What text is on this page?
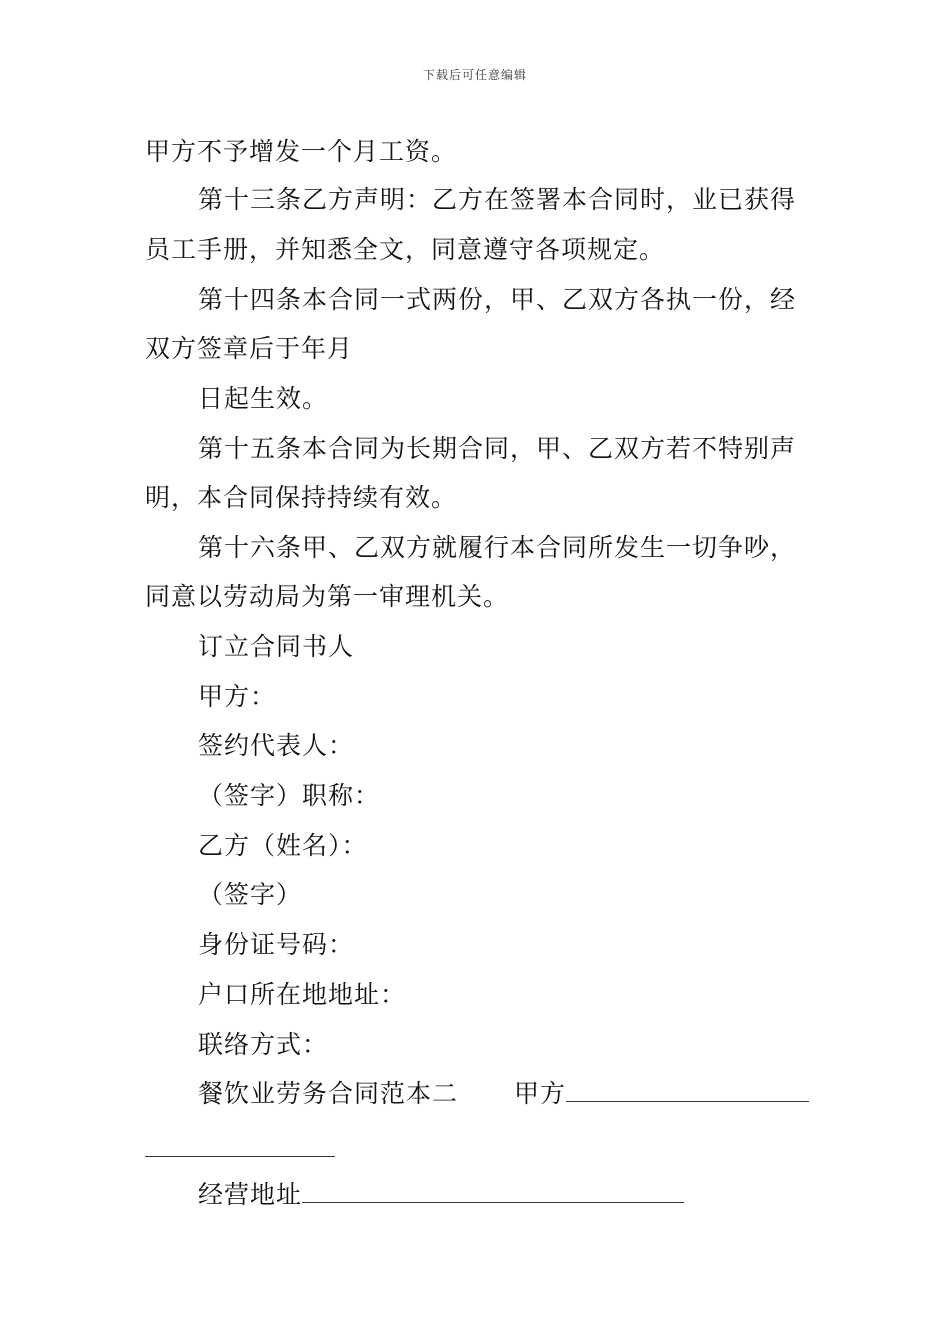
下载后可任意编辑
甲方不予增发一个月工资。
第十三条乙方声明：乙方在签署本合同时，业已获得
员工手册，并知悉全文，同意遵守各项规定。
第十四条本合同一式两份，甲、乙双方各执一份，经
双方签章后于年月
日起生效。
第十五条本合同为长期合同，甲、乙双方若不特别声
明，本合同保持持续有效。
第十六条甲、乙双方就履行本合同所发生一切争吵，
同意以劳动局为第一审理机关。
订立合同书人
甲方：
签约代表人：
（签字）职称：
乙方（姓名）：
（签字）
身份证号码：
户口所在地地址：
联络方式：
餐饮业劳务合同范本二 甲方
经营地址
